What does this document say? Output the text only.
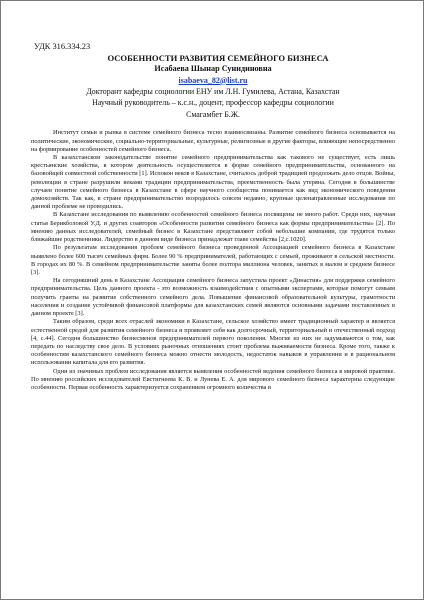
УДК 316.334.23
ОСОБЕННОСТИ РАЗВИТИЯ СЕМЕЙНОГО БИЗНЕСА
Исабаева Шынар Сунидиновна
isabaeva_82@list.ru
Докторант кафедры социологии ЕНУ им Л.Н. Гумилева, Астана, Казахстан
Научный руководитель – к.с.н., доцент, профессор кафедры социологии
Смагамбет Б.Ж.

Институт семьи и рынка в системе семейного бизнеса тесно взаимосвязаны. Развитие семейного бизнеса основывается на политические, экономические, социально-территориальные, культурные, религиозные и другие факторы, влияющие непосредственно на формирование особенностей семейного бизнеса.

В казахстанском законодательстве понятие семейного предпринимательства как такового не существует, есть лишь крестьянские хозяйства, в котором деятельность осуществляется в форме семейного предпринимательства, основанного на базовойщей совместной собственности [1]. Испокон веков в Казахстане, считалось доброй традицией продолжать дело отцов. Войны, революции в стране разрушили веками традиции предпринимательства, преемственность была утеряна. Сегодня в большинстве случаев понятие семейного бизнеса в Казахстане в сфере научного сообщества понимается как вид экономического поведения домохозяйств. Так как, в стране предпринимательство возродилось совсем недавно, крупные целенаправленные исследования по данной проблеме не проводились.

В Казахстане исследования по выявлению особенностей семейного бизнеса посвящены не много работ. Среди них, научная статья Берикболовой У.Д. и других соавторов «Особенности развития семейного бизнеса как формы предпринимательства» [2]. По мнению данных исследователей, семейный бизнес в Казахстане представляют собой небольшие компании, где трудятся только ближайшие родственники. Лидерство в данном виде бизнеса принадлежат главе семейства [2,с.1020].

По результатам исследования проблем семейного бизнеса проведенной Ассоциацией семейного бизнеса в Казахстане выявлено более 600 тысяч семейных фирм. Более 90 % предпринимателей, работающих с семьей, проживают в сельской местности. В городах их 80 %. В семейном предпринимательстве заняты более полтора миллиона человек, занятых в малом и среднем бизнесе [3].

На сегодняшний день в Казахстане Ассоциация семейного бизнеса запустила проект «Династия» для поддержки семейного предпринимательства. Цель данного проекта - это возможность взаимодействия с опытными экспертами, которые помогут семьям получить гранты на развитие собственного семейного дела. Повышение финансовой образовательной культуры, грамотности населения и создание устойчивой финансовой платформы для казахстанских семей являются основными задачами поставленных в данном проекте [3].

Таким образом, среди всех отраслей экономики в Казахстане, сельское хозяйство имеет традиционный характер и является естественной средой для развития семейного бизнеса и проявляет себя как долгосрочный, территориальный и отечественный подход [4, с.44]. Сегодня большинство бизнесменов предпринимателей первого поколения. Многие из них не задумываются о том, как передать по наследству свое дело. В условиях рыночных отношениях стоит проблема выживаемости бизнеса. Кроме того, также к особенностям казахстанского семейного бизнеса можно отнести молодость, недостаток навыков в управлении и в рациональном использовании капитала для его развития.

Одни из значимых проблем исследования является выявления особенностей ведения семейного бизнеса в мировой практике. По мнению российских исследователей Евстигнеева К. В. и Лунева Е. А. для мирового семейного бизнеса характерны следующие особенности. Первая особенность характеризуется сохранением огромного количества в
